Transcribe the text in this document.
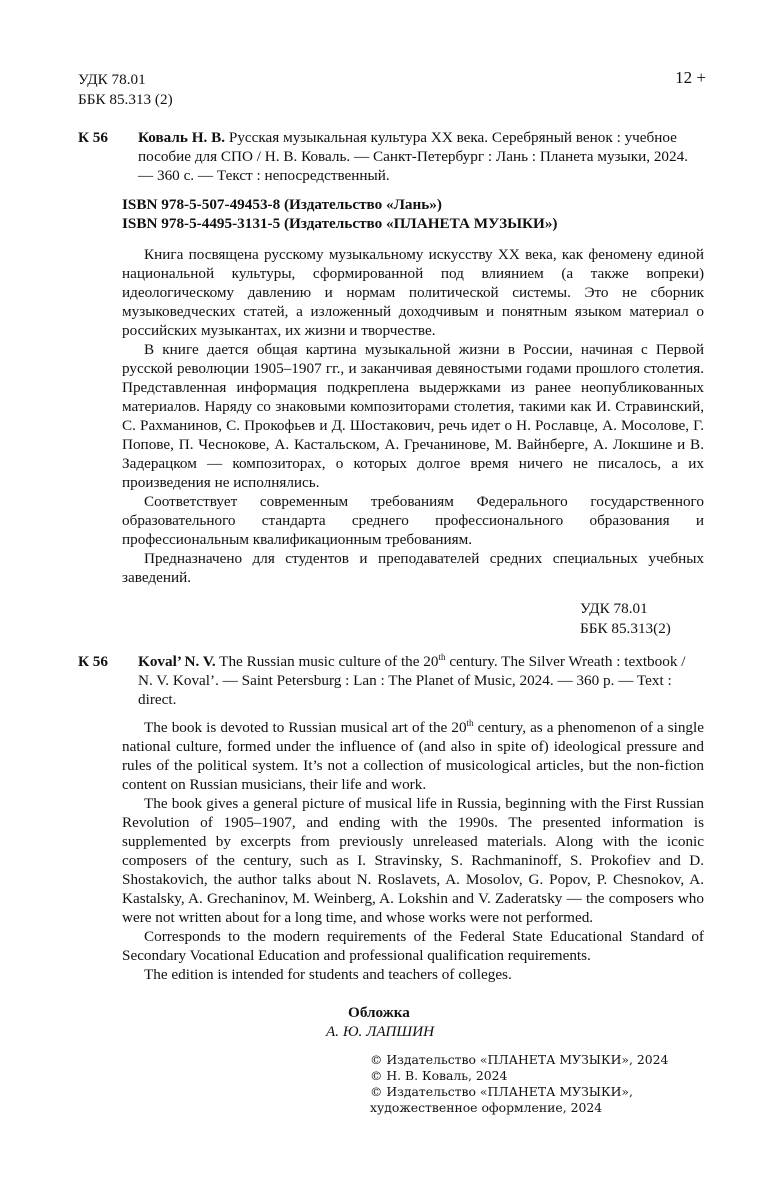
УДК 78.01
ББК 85.313 (2)
12 +
К 56 Коваль Н. В. Русская музыкальная культура XX века. Серебряный венок : учебное пособие для СПО / Н. В. Коваль. — Санкт-Петербург : Лань : Планета музыки, 2024. — 360 с. — Текст : непосредственный.
ISBN 978-5-507-49453-8 (Издательство «Лань»)
ISBN 978-5-4495-3131-5 (Издательство «ПЛАНЕТА МУЗЫКИ»)

Книга посвящена русскому музыкальному искусству XX века, как феномену единой национальной культуры, сформированной под влиянием (а также вопреки) идеологическому давлению и нормам политической системы. Это не сборник музыковедческих статей, а изложенный доходчивым и понятным языком материал о российских музыкантах, их жизни и творчестве.

В книге дается общая картина музыкальной жизни в России, начиная с Первой русской революции 1905–1907 гг., и заканчивая девяностыми годами прошлого столетия. Представленная информация подкреплена выдержками из ранее неопубликованных материалов. Наряду со знаковыми композиторами столетия, такими как И. Стравинский, С. Рахманинов, С. Прокофьев и Д. Шостакович, речь идет о Н. Рославце, А. Мосолове, Г. Попове, П. Чеснокове, А. Кастальском, А. Гречанинове, М. Вайнберге, А. Локшине и В. Задерацком — композиторах, о которых долгое время ничего не писалось, а их произведения не исполнялись.

Соответствует современным требованиям Федерального государственного образовательного стандарта среднего профессионального образования и профессиональным квалификационным требованиям.

Предназначено для студентов и преподавателей средних специальных учебных заведений.

УДК 78.01
ББК 85.313(2)
К 56 Koval’ N. V. The Russian music culture of the 20th century. The Silver Wreath : textbook / N. V. Koval’. — Saint Petersburg : Lan : The Planet of Music, 2024. — 360 p. — Text : direct.

The book is devoted to Russian musical art of the 20th century, as a phenomenon of a single national culture, formed under the influence of (and also in spite of) ideological pressure and rules of the political system. It’s not a collection of musicological articles, but the non-fiction content on Russian musicians, their life and work.

The book gives a general picture of musical life in Russia, beginning with the First Russian Revolution of 1905–1907, and ending with the 1990s. The presented information is supplemented by excerpts from previously unreleased materials. Along with the iconic composers of the century, such as I. Stravinsky, S. Rachmaninoff, S. Prokofiev and D. Shostakovich, the author talks about N. Roslavets, A. Mosolov, G. Popov, P. Chesnokov, A. Kastalsky, A. Grechaninov, M. Weinberg, A. Lokshin and V. Zaderatsky — the composers who were not written about for a long time, and whose works were not performed.

Corresponds to the modern requirements of the Federal State Educational Standard of Secondary Vocational Education and professional qualification requirements.

The edition is intended for students and teachers of colleges.

Обложка
А. Ю. ЛАПШИН
© Издательство «ПЛАНЕТА МУЗЫКИ», 2024
© Н. В. Коваль, 2024
© Издательство «ПЛАНЕТА МУЗЫКИ»,
художественное оформление, 2024
